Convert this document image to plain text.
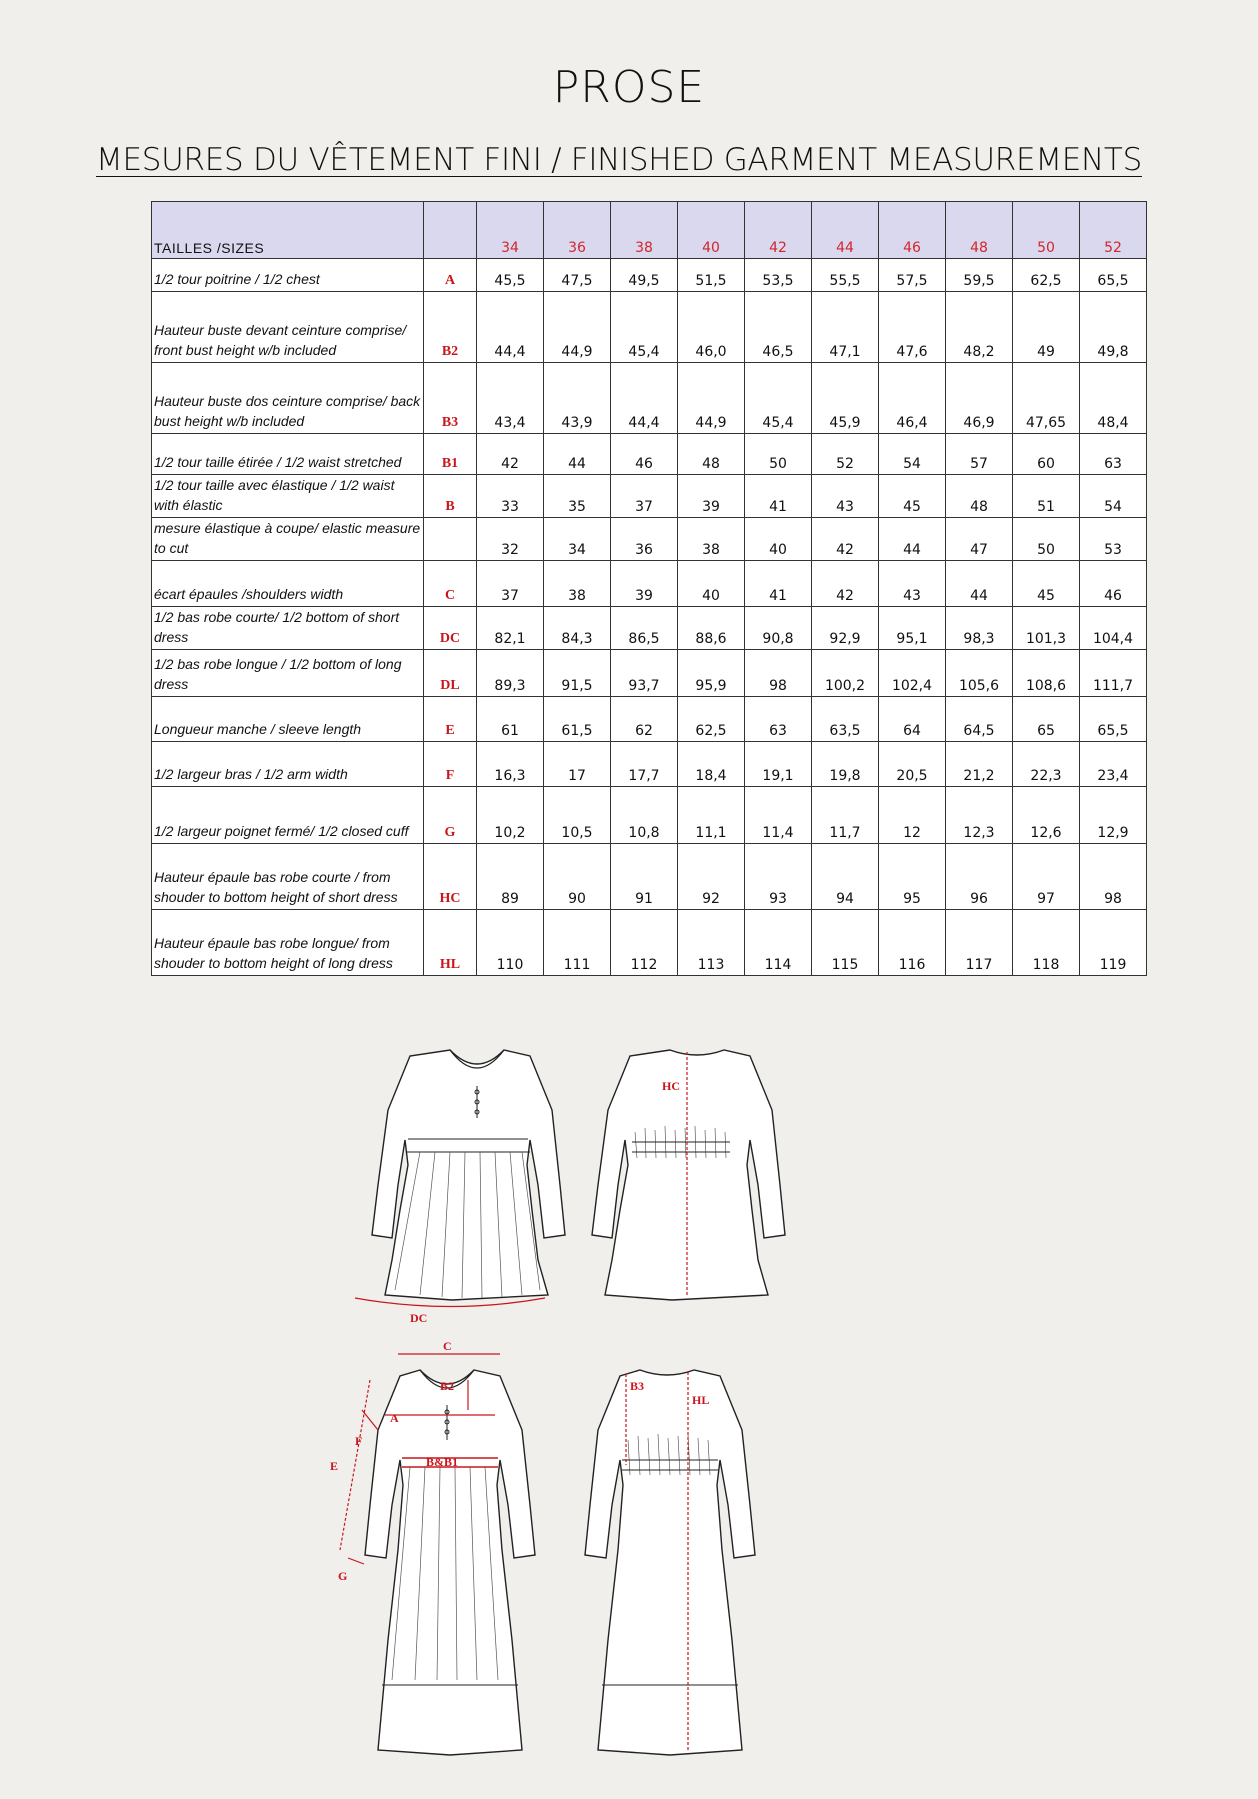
PROSE
MESURES DU VÊTEMENT FINI / FINISHED GARMENT MEASUREMENTS
TAILLES /SIZES		34	36	38	40	42	44	46	48	50	52
1/2 tour poitrine / 1/2 chest	A	45,5	47,5	49,5	51,5	53,5	55,5	57,5	59,5	62,5	65,5
Hauteur buste devant ceinture comprise/ front bust height w/b included	B2	44,4	44,9	45,4	46,0	46,5	47,1	47,6	48,2	49	49,8
Hauteur buste dos ceinture comprise/ back bust height w/b included	B3	43,4	43,9	44,4	44,9	45,4	45,9	46,4	46,9	47,65	48,4
1/2 tour taille étirée / 1/2 waist stretched	B1	42	44	46	48	50	52	54	57	60	63
1/2 tour taille avec élastique / 1/2 waist with élastic	B	33	35	37	39	41	43	45	48	51	54
mesure élastique à coupe/ elastic measure to cut		32	34	36	38	40	42	44	47	50	53
écart épaules /shoulders width	C	37	38	39	40	41	42	43	44	45	46
1/2 bas robe courte/ 1/2 bottom of short dress	DC	82,1	84,3	86,5	88,6	90,8	92,9	95,1	98,3	101,3	104,4
1/2 bas robe longue / 1/2 bottom of long dress	DL	89,3	91,5	93,7	95,9	98	100,2	102,4	105,6	108,6	111,7
Longueur manche / sleeve length	E	61	61,5	62	62,5	63	63,5	64	64,5	65	65,5
1/2 largeur bras / 1/2 arm width	F	16,3	17	17,7	18,4	19,1	19,8	20,5	21,2	22,3	23,4
1/2 largeur poignet fermé/ 1/2 closed cuff	G	10,2	10,5	10,8	11,1	11,4	11,7	12	12,3	12,6	12,9
Hauteur épaule bas robe courte / from shouder to bottom height of short dress	HC	89	90	91	92	93	94	95	96	97	98
Hauteur épaule bas robe longue/ from shouder to bottom height of long dress	HL	110	111	112	113	114	115	116	117	118	119
DC
HC
B&B1
C
A
B2
E
F
G
B3
HL
